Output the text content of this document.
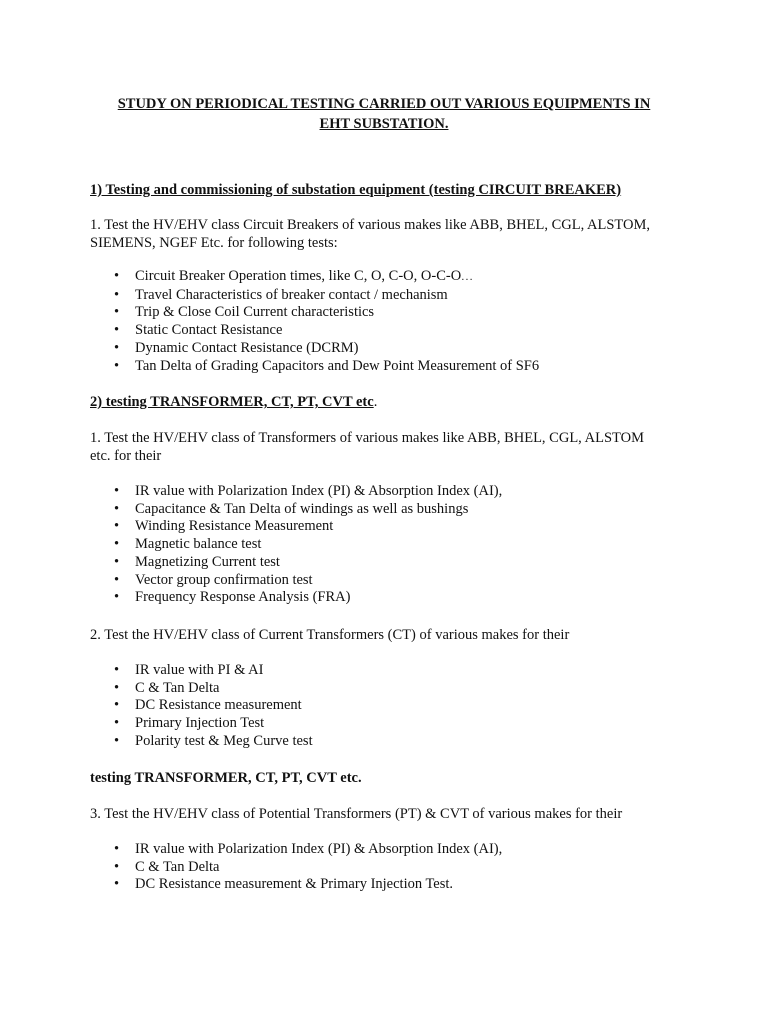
STUDY ON PERIODICAL TESTING CARRIED OUT VARIOUS EQUIPMENTS IN
EHT SUBSTATION.
1) Testing and commissioning of substation equipment (testing CIRCUIT BREAKER)
1. Test the HV/EHV class Circuit Breakers of various makes like ABB, BHEL, CGL, ALSTOM,
SIEMENS, NGEF Etc. for following tests:
• Circuit Breaker Operation times, like C, O, C-O, O-C-O...
• Travel Characteristics of breaker contact / mechanism
• Trip & Close Coil Current characteristics
• Static Contact Resistance
• Dynamic Contact Resistance (DCRM)
• Tan Delta of Grading Capacitors and Dew Point Measurement of SF6
2) testing TRANSFORMER, CT, PT, CVT etc.
1. Test the HV/EHV class of Transformers of various makes like ABB, BHEL, CGL, ALSTOM
etc. for their
• IR value with Polarization Index (PI) & Absorption Index (AI),
• Capacitance & Tan Delta of windings as well as bushings
• Winding Resistance Measurement
• Magnetic balance test
• Magnetizing Current test
• Vector group confirmation test
• Frequency Response Analysis (FRA)
2. Test the HV/EHV class of Current Transformers (CT) of various makes for their
• IR value with PI & AI
• C & Tan Delta
• DC Resistance measurement
• Primary Injection Test
• Polarity test & Meg Curve test
testing TRANSFORMER, CT, PT, CVT etc.
3. Test the HV/EHV class of Potential Transformers (PT) & CVT of various makes for their
• IR value with Polarization Index (PI) & Absorption Index (AI),
• C & Tan Delta
• DC Resistance measurement & Primary Injection Test.
